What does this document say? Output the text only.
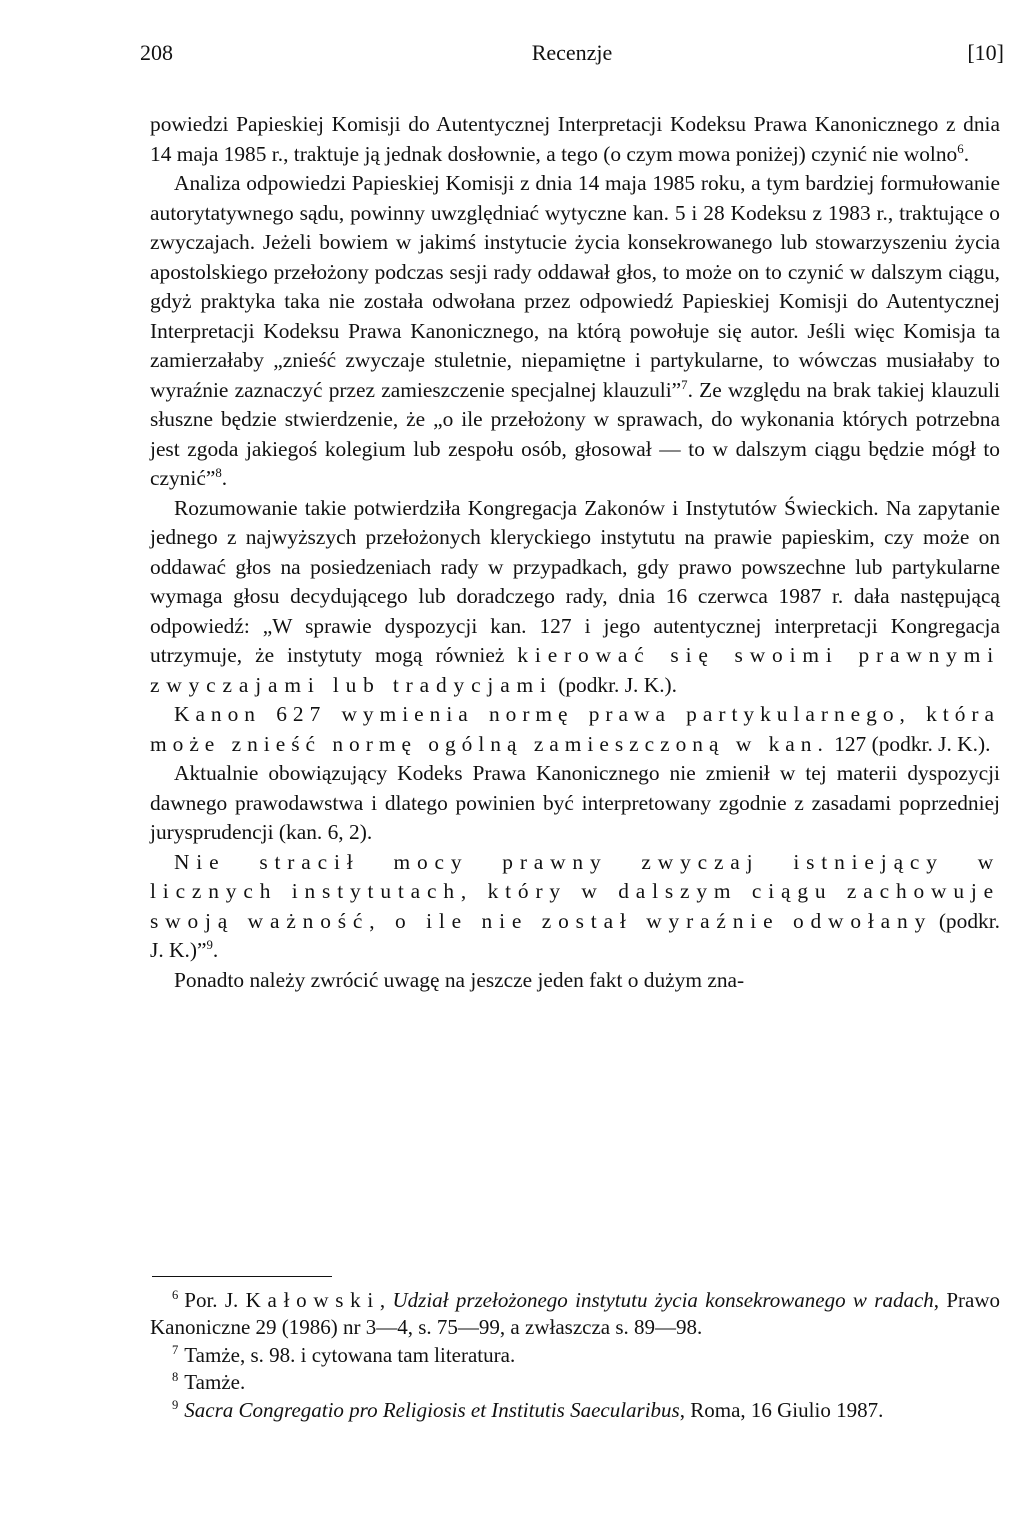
208	Recenzje	[10]

powiedzi Papieskiej Komisji do Autentycznej Interpretacji Kodeksu Prawa Kanonicznego z dnia 14 maja 1985 r., traktuje ją jednak dosłownie, a tego (o czym mowa poniżej) czynić nie wolno$^6$.

Analiza odpowiedzi Papieskiej Komisji z dnia 14 maja 1985 roku, a tym bardziej formułowanie autorytatywnego sądu, powinny uwzględniać wytyczne kan. 5 i 28 Kodeksu z 1983 r., traktujące o zwyczajach. Jeżeli bowiem w jakimś instytucie życia konsekrowanego lub stowarzyszeniu życia apostolskiego przełożony podczas sesji rady oddawał głos, to może on to czynić w dalszym ciągu, gdyż praktyka taka nie została odwołana przez odpowiedź Papieskiej Komisji do Autentycznej Interpretacji Kodeksu Prawa Kanonicznego, na którą powołuje się autor. Jeśli więc Komisja ta zamierzałaby „znieść zwyczaje stuletnie, niepamiętne i partykularne, to wówczas musiałaby to wyraźnie zaznaczyć przez zamieszczenie specjalnej klauzuli”$^7$. Ze względu na brak takiej klauzuli słuszne będzie stwierdzenie, że „o ile przełożony w sprawach, do wykonania których potrzebna jest zgoda jakiegoś kolegium lub zespołu osób, głosował — to w dalszym ciągu będzie mógł to czynić”$^8$.

Rozumowanie takie potwierdziła Kongregacja Zakonów i Instytutów Świeckich. Na zapytanie jednego z najwyższych przełożonych kleryckiego instytutu na prawie papieskim, czy może on oddawać głos na posiedzeniach rady w przypadkach, gdy prawo powszechne lub partykularne wymaga głosu decydującego lub doradczego rady, dnia 16 czerwca 1987 r. dała następującą odpowiedź: „W sprawie dyspozycji kan. 127 i jego autentycznej interpretacji Kongregacja utrzymuje, że instytuty mogą również kierować się swoimi prawnymi zwyczajami lub tradycjami (podkr. J. K.).

Kanon 627 wymienia normę prawa partykularnego, która może znieść normę ogólną zamieszczoną w kan. 127 (podkr. J. K.).

Aktualnie obowiązujący Kodeks Prawa Kanonicznego nie zmienił w tej materii dyspozycji dawnego prawodawstwa i dlatego powinien być interpretowany zgodnie z zasadami poprzedniej jurysprudencji (kan. 6, 2).

Nie stracił mocy prawny zwyczaj istniejący w licznych instytutach, który w dalszym ciągu zachowuje swoją ważność, o ile nie został wyraźnie odwołany (podkr. J. K.)”$^9$.

Ponadto należy zwrócić uwagę na jeszcze jeden fakt o dużym zna-

$^6$ Por. J. Kałowski, Udział przełożonego instytutu życia konsekrowanego w radach, Prawo Kanoniczne 29 (1986) nr 3—4, s. 75—99, a zwłaszcza s. 89—98.

$^7$ Tamże, s. 98. i cytowana tam literatura.

$^8$ Tamże.

$^9$ Sacra Congregatio pro Religiosis et Institutis Saecularibus, Roma, 16 Giulio 1987.
